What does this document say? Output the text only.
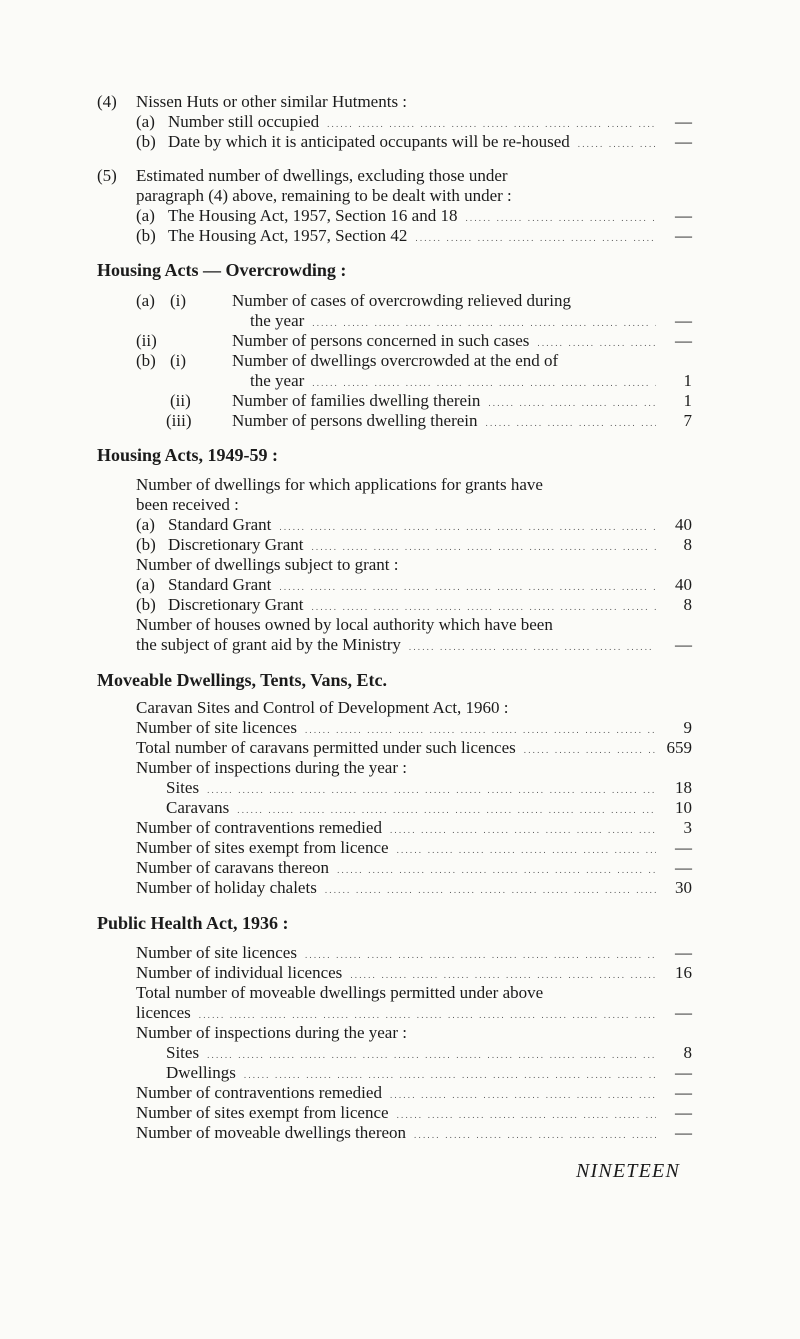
(4) Nissen Huts or other similar Hutments :
(a) Number still occupied .....	—
(b) Date by which it is anticipated occupants will be re-housed .....	—
(5) Estimated number of dwellings, excluding those under
paragraph (4) above, remaining to be dealt with under :
(a) The Housing Act, 1957, Section 16 and 18 .....	—
(b) The Housing Act, 1957, Section 42 .....	—
Housing Acts — Overcrowding :
(a) (i)	Number of cases of overcrowding relieved during
the year .....	—
(ii)	Number of persons concerned in such cases .....	—
(b) (i)	Number of dwellings overcrowded at the end of
the year .....	1
(ii) Number of families dwelling therein .....	1
(iii) Number of persons dwelling therein .....	7
Housing Acts, 1949-59 :
Number of dwellings for which applications for grants have
been received :
(a) Standard Grant .....	40
(b) Discretionary Grant .....	8
Number of dwellings subject to grant :
(a) Standard Grant .....	40
(b) Discretionary Grant .....	8
Number of houses owned by local authority which have been
the subject of grant aid by the Ministry .....	—
Moveable Dwellings, Tents, Vans, Etc.
Caravan Sites and Control of Development Act, 1960 :
Number of site licences .....	9
Total number of caravans permitted under such licences .....	659
Number of inspections during the year :
Sites .....	18
Caravans .....	10
Number of contraventions remedied .....	3
Number of sites exempt from licence .....	—
Number of caravans thereon .....	—
Number of holiday chalets .....	30
Public Health Act, 1936 :
Number of site licences .....	—
Number of individual licences .....	16
Total number of moveable dwellings permitted under above
licences .....	—
Number of inspections during the year :
Sites .....	8
Dwellings .....	—
Number of contraventions remedied .....	—
Number of sites exempt from licence .....	—
Number of moveable dwellings thereon .....	—
NINETEEN
